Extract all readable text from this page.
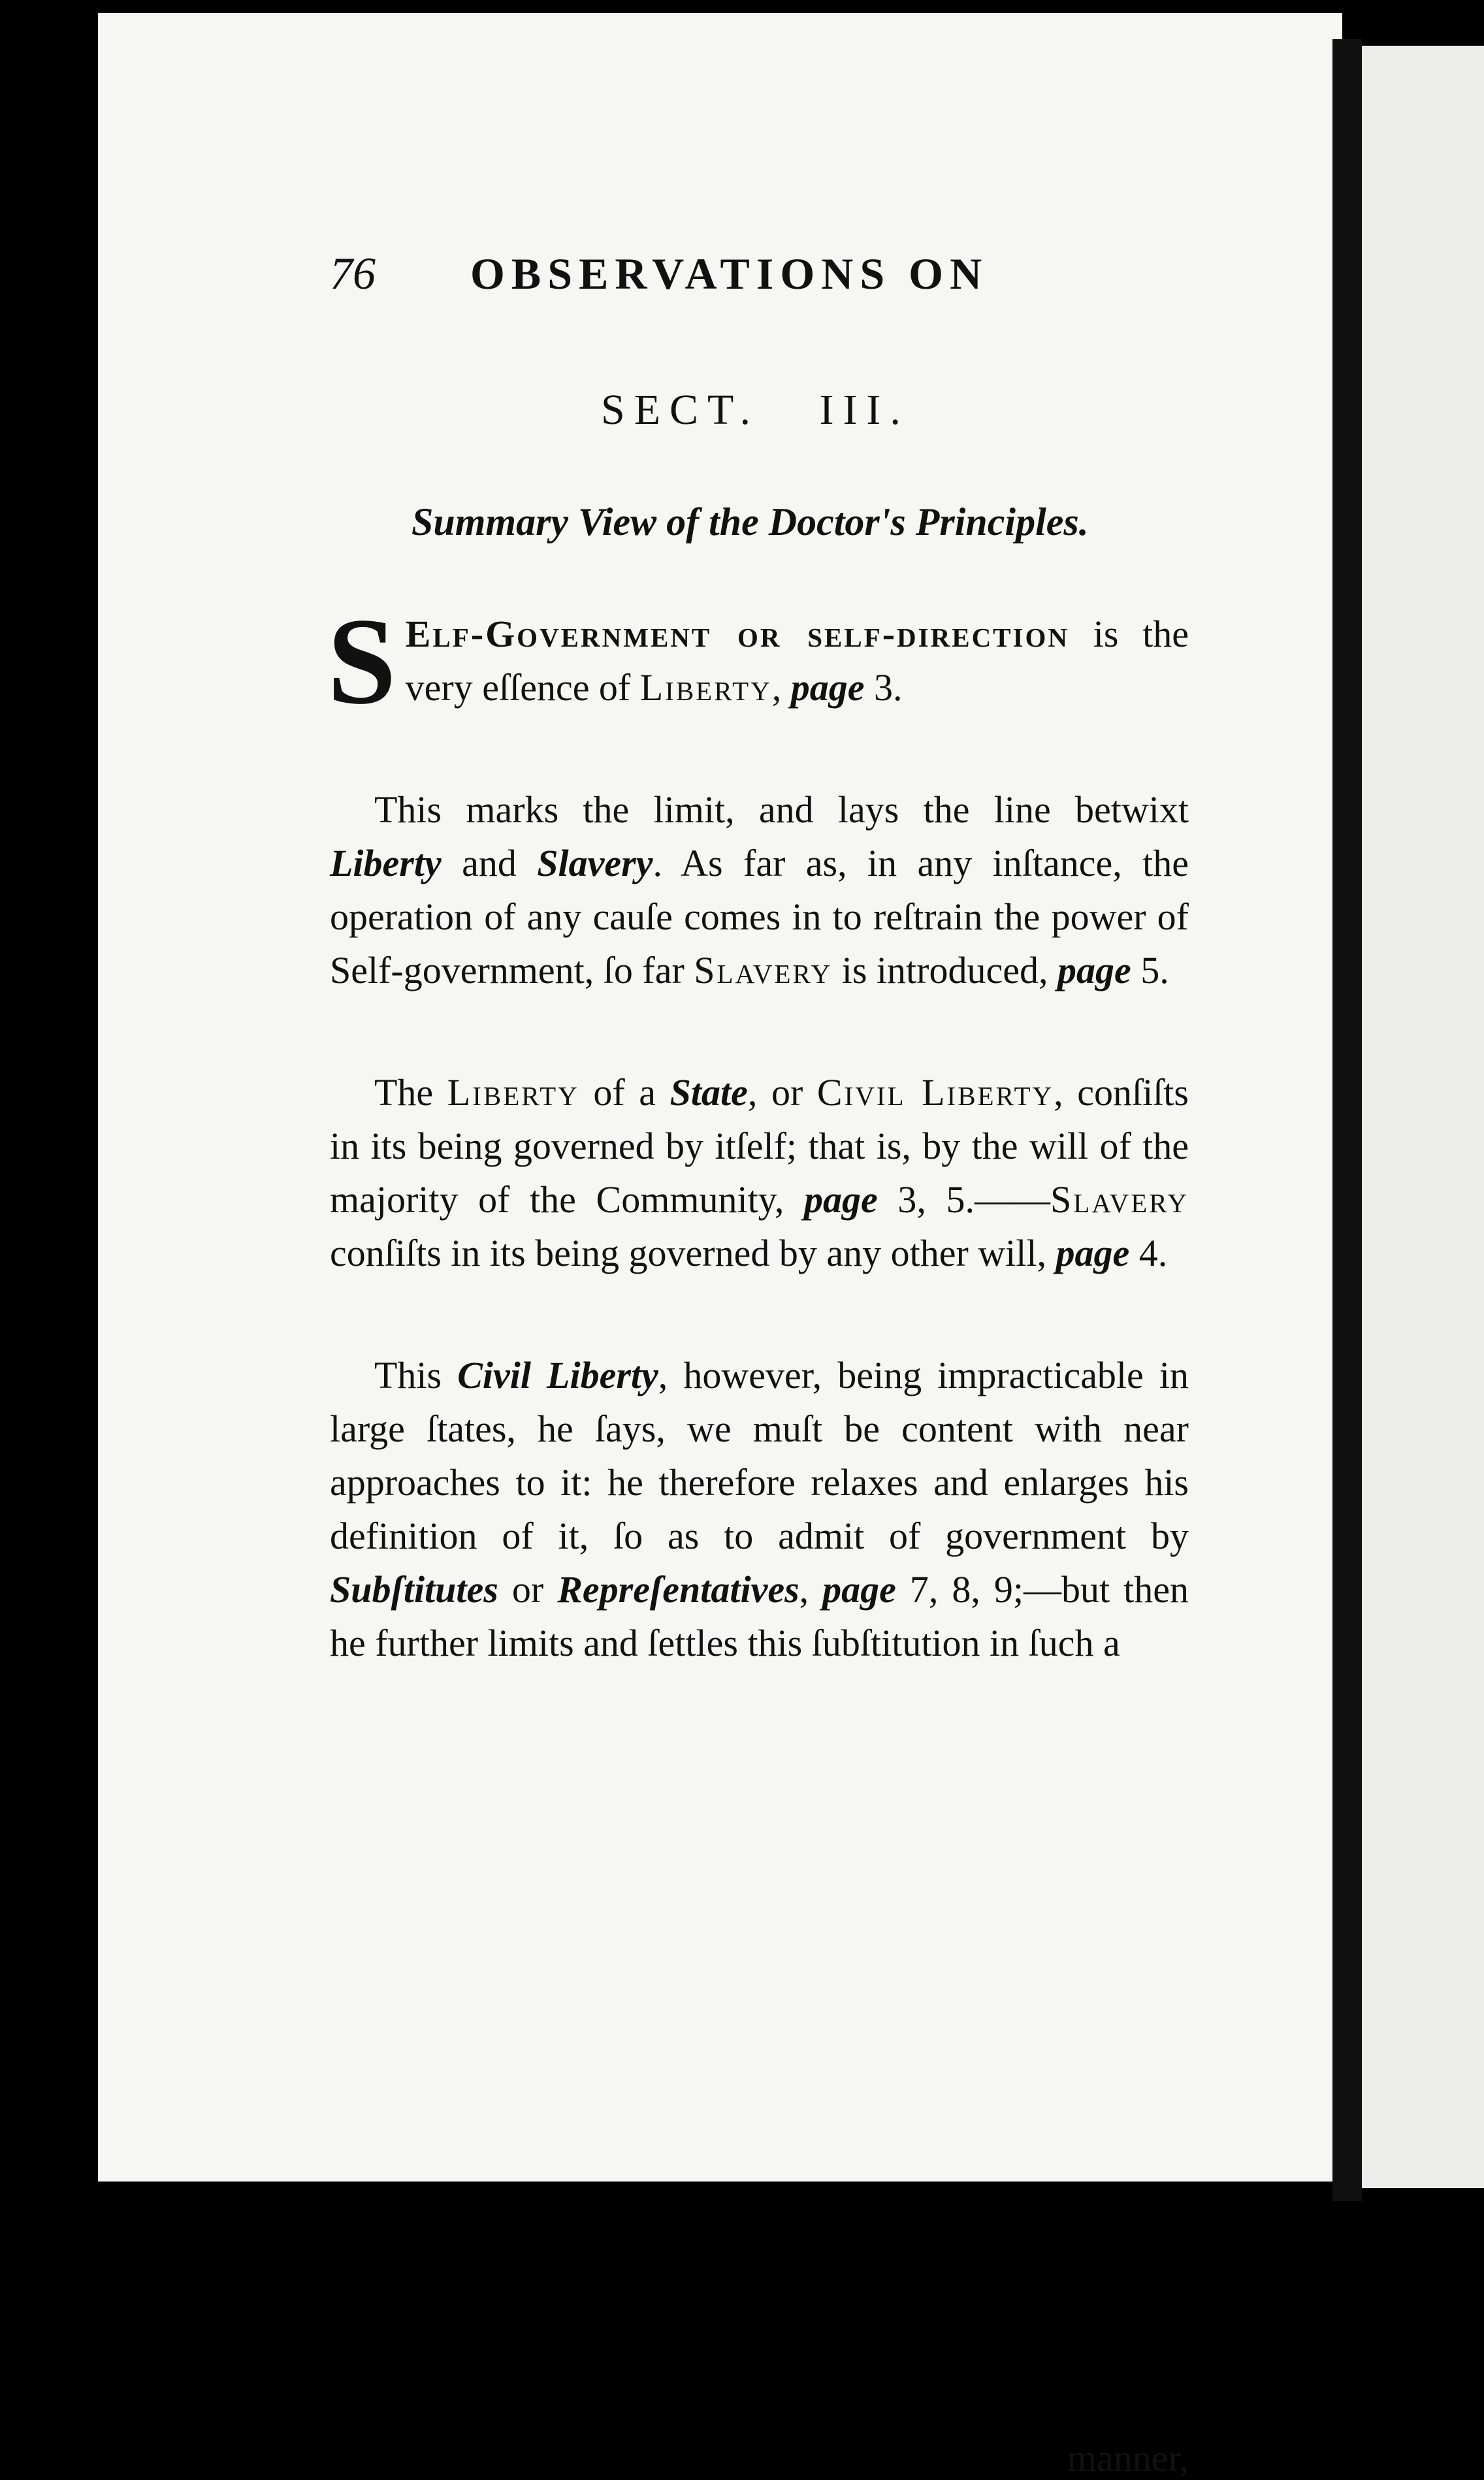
76 OBSERVATIONS ON
SECT.   III.
Summary View of the Doctor's Principles.

S Elf-Government or self-direction is the very eſſence of Liberty, page 3.

This marks the limit, and lays the line betwixt Liberty and Slavery. As far as, in any inſtance, the operation of any cauſe comes in to reſtrain the power of Self-government, ſo far Slavery is introduced, page 5.

The Liberty of a State, or Civil Liberty, conſiſts in its being governed by itſelf; that is, by the will of the majority of the Community, page 3, 5.——Slavery conſiſts in its being governed by any other will, page 4.

This Civil Liberty, however, being impracticable in large ſtates, he ſays, we muſt be content with near approaches to it: he therefore relaxes and enlarges his definition of it, ſo as to admit of government by Subſtitutes or Repreſentatives, page 7, 8, 9;—but then he further limits and ſettles this ſubſtitution in ſuch a

manner,
